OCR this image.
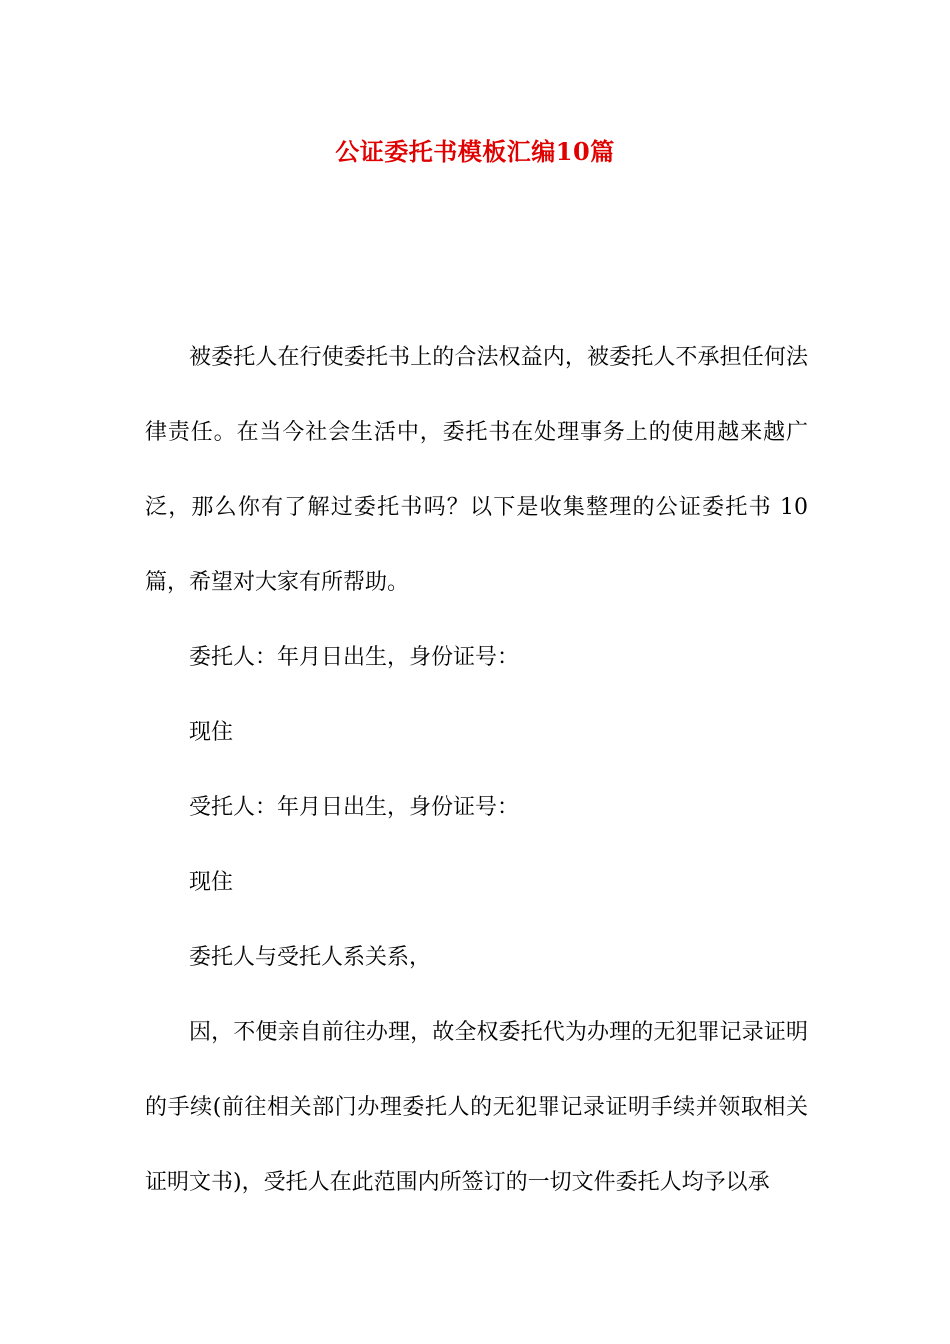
公证委托书模板汇编10篇

被委托人在行使委托书上的合法权益内，被委托人不承担任何法律责任。在当今社会生活中，委托书在处理事务上的使用越来越广泛，那么你有了解过委托书吗？以下是收集整理的公证委托书 10篇，希望对大家有所帮助。

委托人：年月日出生，身份证号：

现住

受托人：年月日出生，身份证号：

现住

委托人与受托人系关系，

因，不便亲自前往办理，故全权委托代为办理的无犯罪记录证明的手续(前往相关部门办理委托人的无犯罪记录证明手续并领取相关证明文书)，受托人在此范围内所签订的一切文件委托人均予以承
